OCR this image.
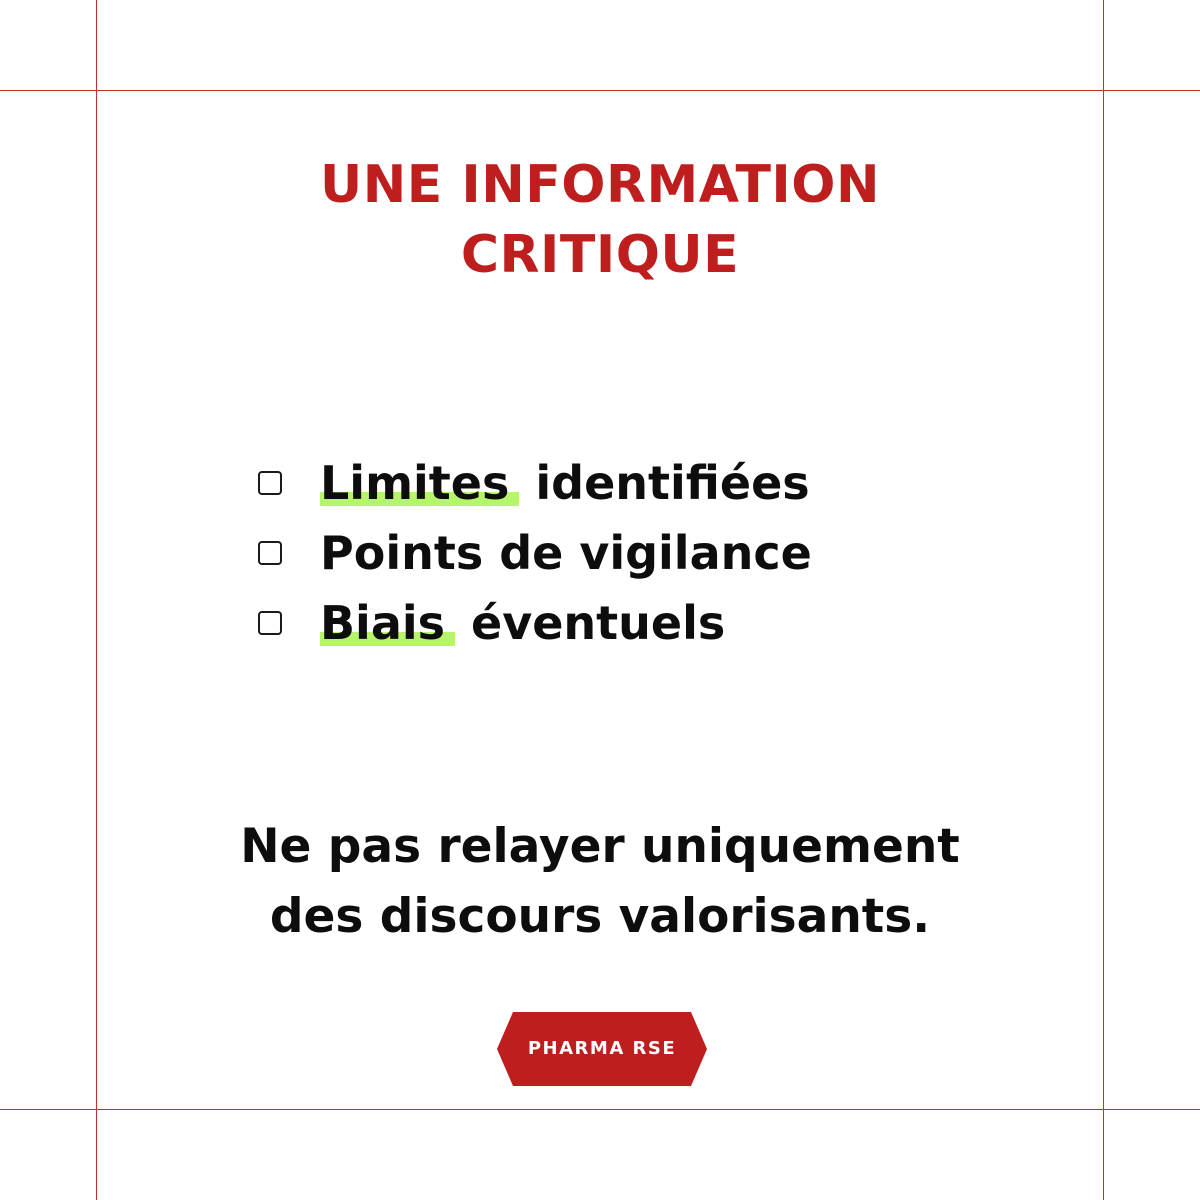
UNE INFORMATION
CRITIQUE
Limites identifiées
Points de vigilance
Biais éventuels
Ne pas relayer uniquement
des discours valorisants.
PHARMA RSE
